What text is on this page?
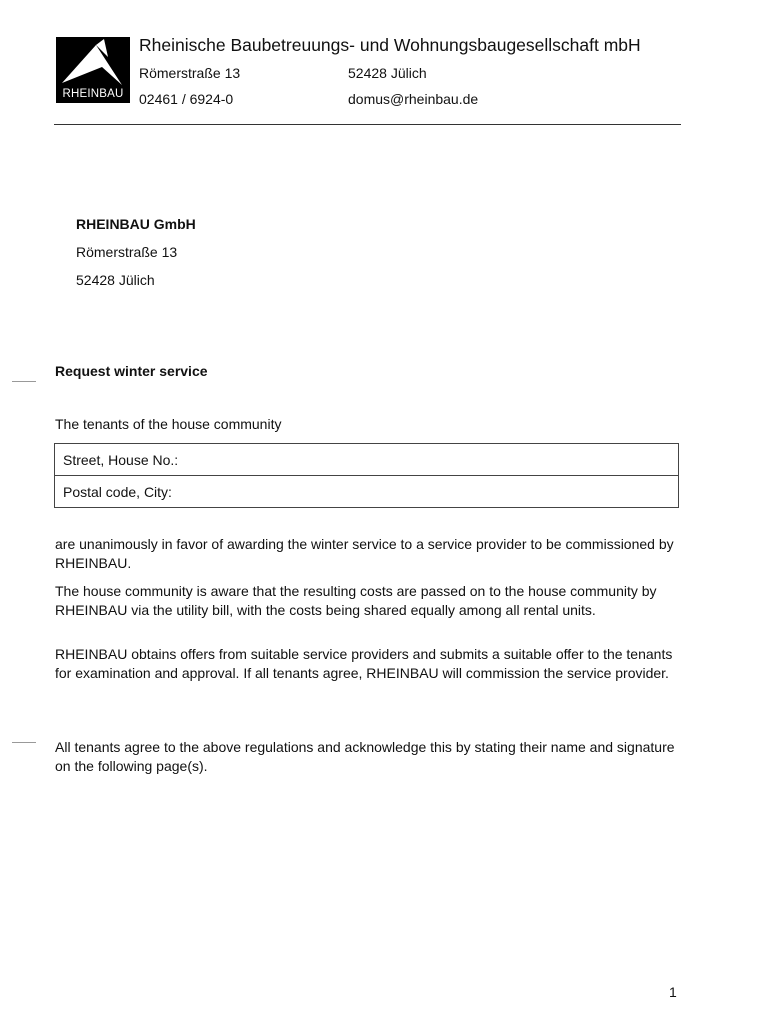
RHEINBAU
Rheinische Baubetreuungs- und Wohnungsbaugesellschaft mbH
Römerstraße 13	52428 Jülich
02461 / 6924-0	domus@rheinbau.de
RHEINBAU GmbH
Römerstraße 13
52428 Jülich
Request winter service
The tenants of the house community
Street, House No.:
Postal code, City:
are unanimously in favor of awarding the winter service to a service provider to be commissioned by RHEINBAU.
The house community is aware that the resulting costs are passed on to the house community by RHEINBAU via the utility bill, with the costs being shared equally among all rental units.
RHEINBAU obtains offers from suitable service providers and submits a suitable offer to the tenants for examination and approval. If all tenants agree, RHEINBAU will commission the service provider.
All tenants agree to the above regulations and acknowledge this by stating their name and signature on the following page(s).
1
